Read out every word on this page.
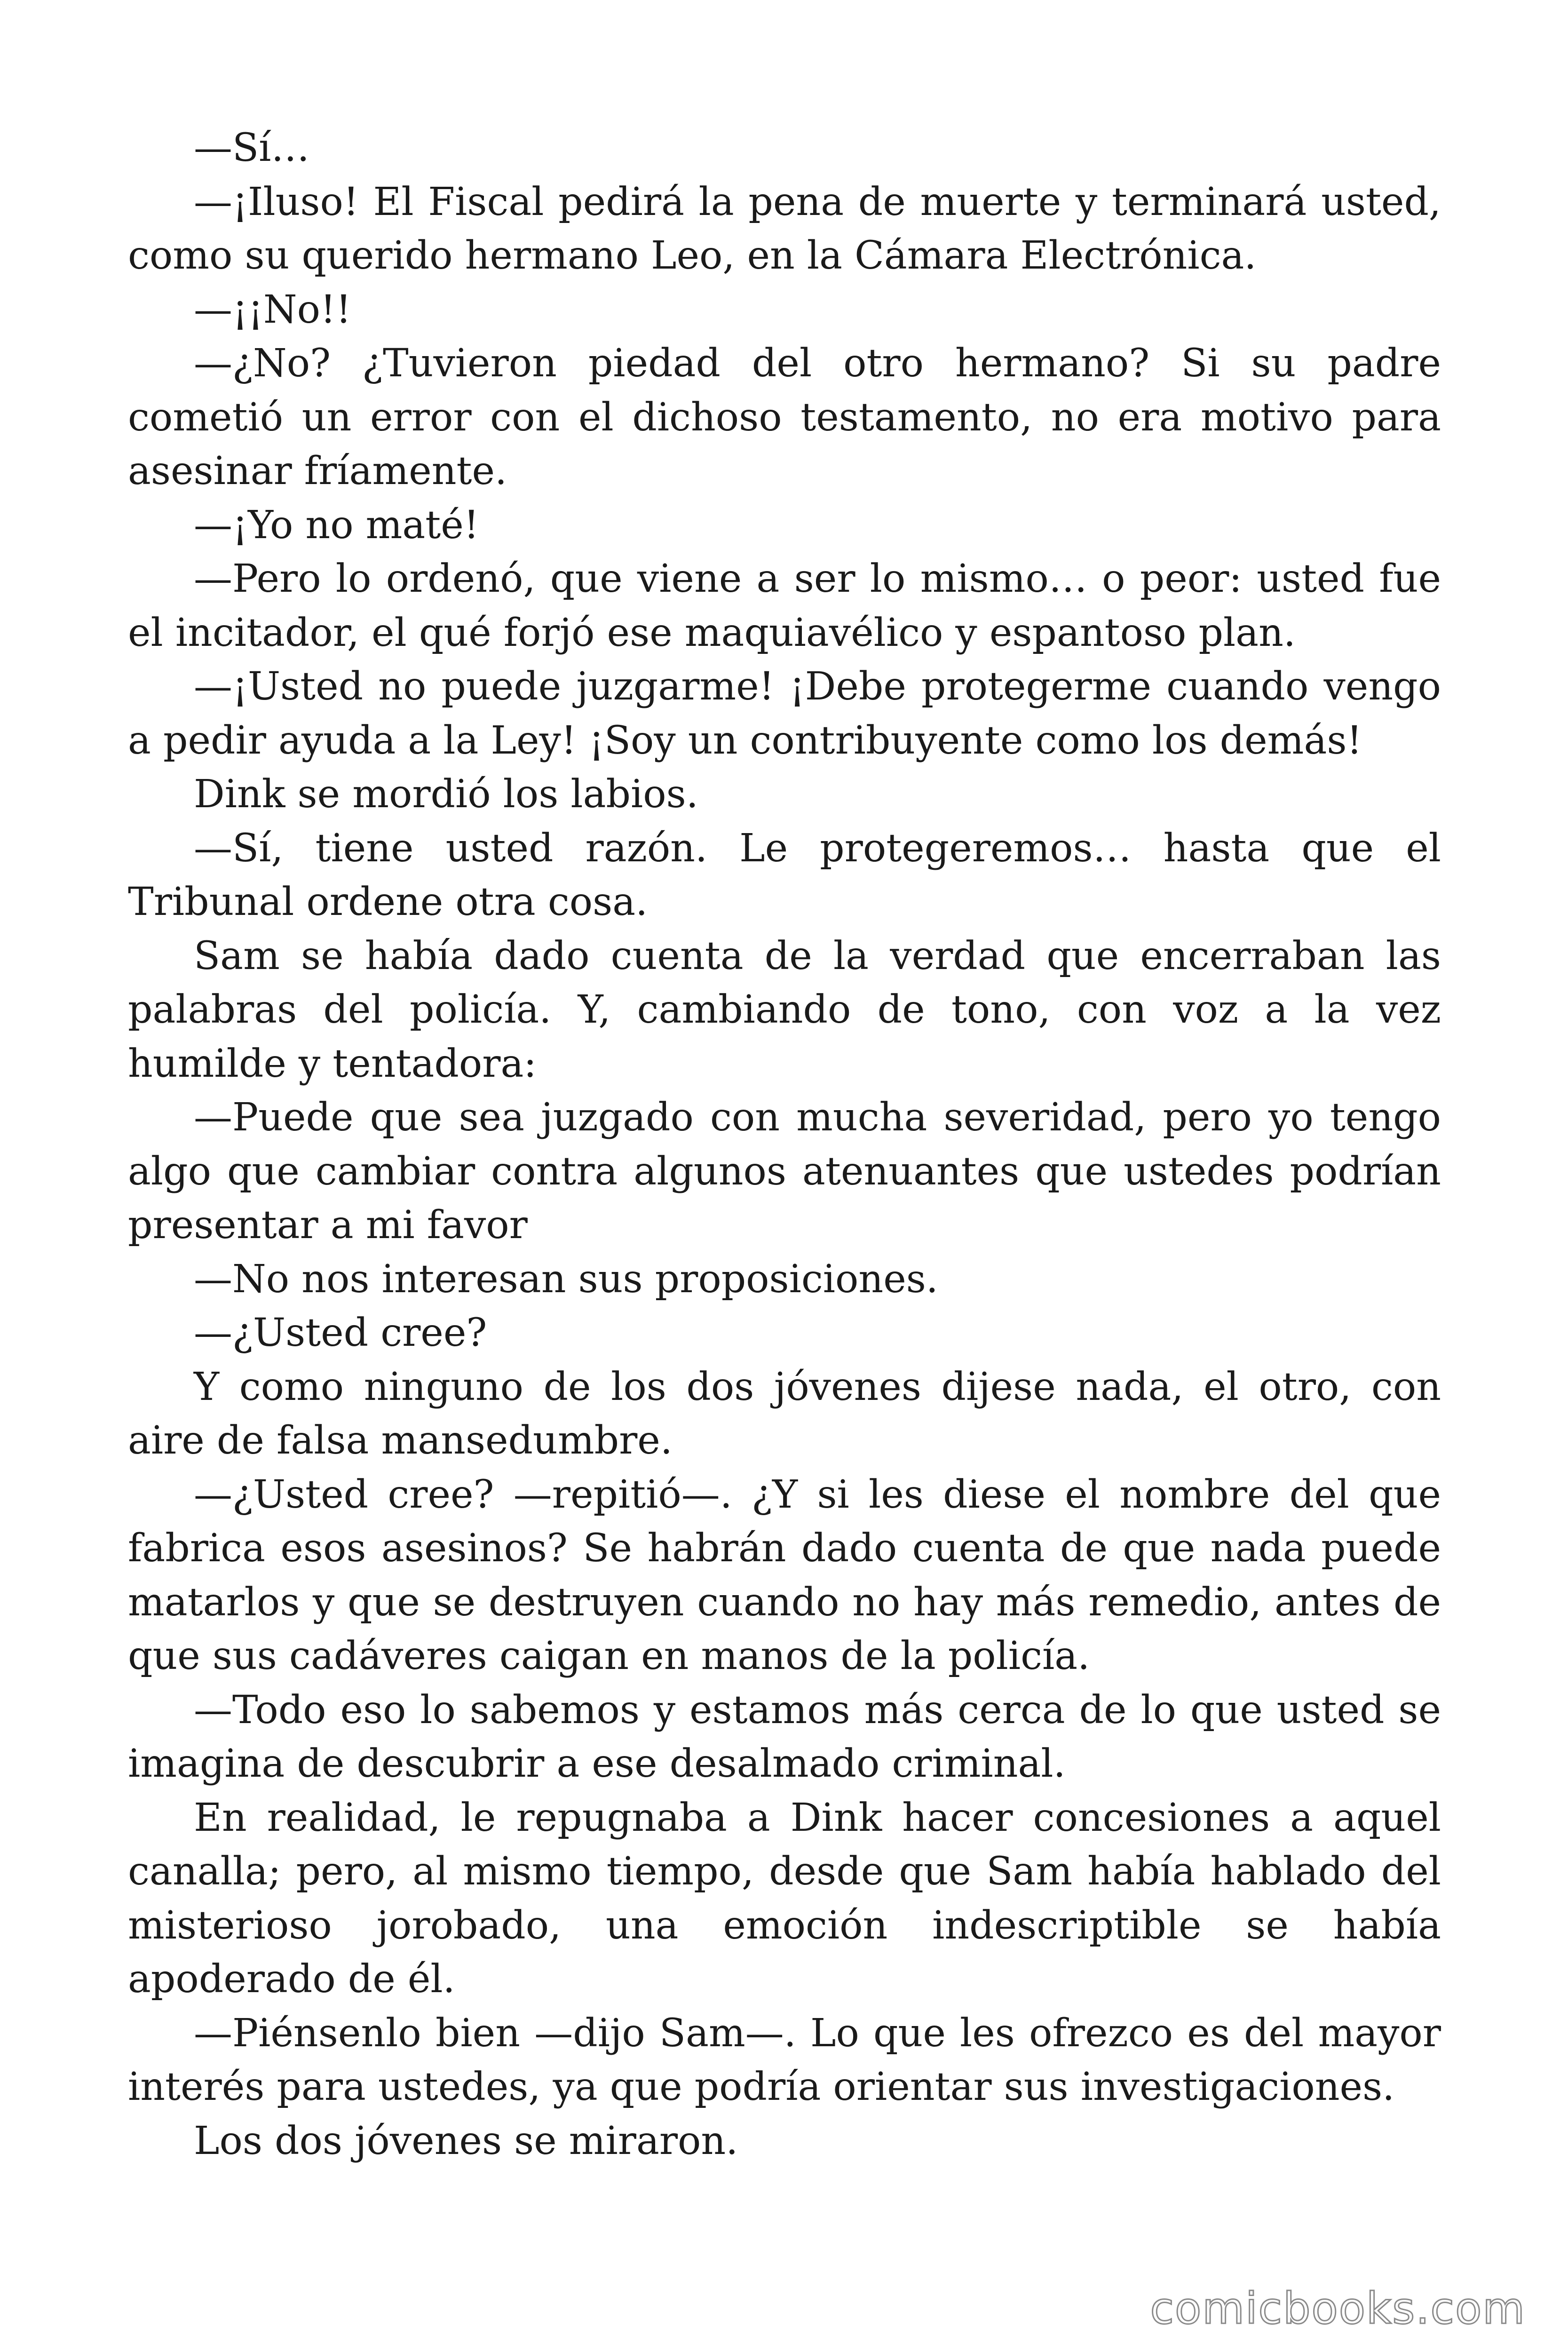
—Sí…

—¡Iluso! El Fiscal pedirá la pena de muerte y terminará usted, como su querido hermano Leo, en la Cámara Electrónica.

—¡¡No!!

—¿No? ¿Tuvieron piedad del otro hermano? Si su padre cometió un error con el dichoso testamento, no era motivo para asesinar fríamente.

—¡Yo no maté!

—Pero lo ordenó, que viene a ser lo mismo… o peor: usted fue el incitador, el qué forjó ese maquiavélico y espantoso plan.

—¡Usted no puede juzgarme! ¡Debe protegerme cuando vengo a pedir ayuda a la Ley! ¡Soy un contribuyente como los demás!

Dink se mordió los labios.

—Sí, tiene usted razón. Le protegeremos… hasta que el Tribunal ordene otra cosa.

Sam se había dado cuenta de la verdad que encerraban las palabras del policía. Y, cambiando de tono, con voz a la vez humilde y tentadora:

—Puede que sea juzgado con mucha severidad, pero yo tengo algo que cambiar contra algunos atenuantes que ustedes podrían presentar a mi favor

—No nos interesan sus proposiciones.

—¿Usted cree?

Y como ninguno de los dos jóvenes dijese nada, el otro, con aire de falsa mansedumbre.

—¿Usted cree? —repitió—. ¿Y si les diese el nombre del que fabrica esos asesinos? Se habrán dado cuenta de que nada puede matarlos y que se destruyen cuando no hay más remedio, antes de que sus cadáveres caigan en manos de la policía.

—Todo eso lo sabemos y estamos más cerca de lo que usted se imagina de descubrir a ese desalmado criminal.

En realidad, le repugnaba a Dink hacer concesiones a aquel canalla; pero, al mismo tiempo, desde que Sam había hablado del misterioso jorobado, una emoción indescriptible se había apoderado de él.

—Piénsenlo bien —dijo Sam—. Lo que les ofrezco es del mayor interés para ustedes, ya que podría orientar sus investigaciones.

Los dos jóvenes se miraron.

comicbooks.com
